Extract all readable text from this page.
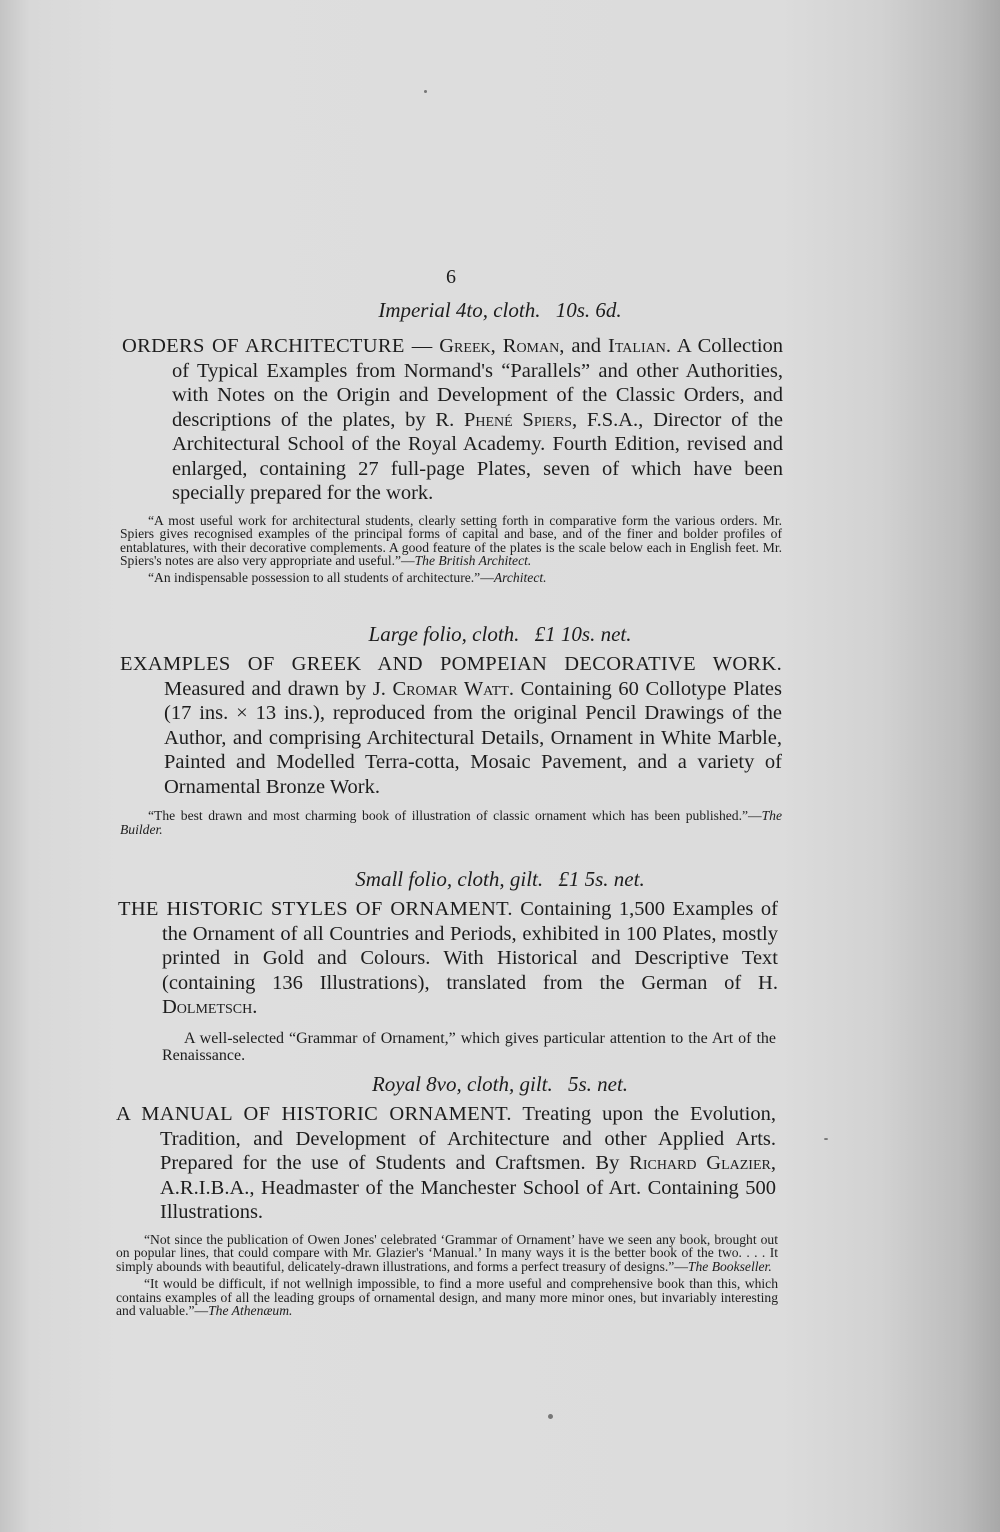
6

Imperial 4to, cloth. 10s. 6d.

ORDERS OF ARCHITECTURE — Greek, Roman, and Italian. A Collection of Typical Examples from Normand's “Parallels” and other Authorities, with Notes on the Origin and Development of the Classic Orders, and descriptions of the plates, by R. Phené Spiers, F.S.A., Director of the Architectural School of the Royal Academy. Fourth Edition, revised and enlarged, containing 27 full-page Plates, seven of which have been specially prepared for the work.

“A most useful work for architectural students, clearly setting forth in comparative form the various orders. Mr. Spiers gives recognised examples of the principal forms of capital and base, and of the finer and bolder profiles of entablatures, with their decorative complements. A good feature of the plates is the scale below each in English feet. Mr. Spiers's notes are also very appropriate and useful.”—The British Architect.

“An indispensable possession to all students of architecture.”—Architect.

Large folio, cloth. £1 10s. net.

EXAMPLES OF GREEK AND POMPEIAN DECORATIVE WORK. Measured and drawn by J. Cromar Watt. Containing 60 Collotype Plates (17 ins. × 13 ins.), reproduced from the original Pencil Drawings of the Author, and comprising Architectural Details, Ornament in White Marble, Painted and Modelled Terra-cotta, Mosaic Pavement, and a variety of Ornamental Bronze Work.

“The best drawn and most charming book of illustration of classic ornament which has been published.”—The Builder.

Small folio, cloth, gilt. £1 5s. net.

THE HISTORIC STYLES OF ORNAMENT. Containing 1,500 Examples of the Ornament of all Countries and Periods, exhibited in 100 Plates, mostly printed in Gold and Colours. With Historical and Descriptive Text (containing 136 Illustrations), translated from the German of H. Dolmetsch.

A well-selected “Grammar of Ornament,” which gives particular attention to the Art of the Renaissance.

Royal 8vo, cloth, gilt. 5s. net.

A MANUAL OF HISTORIC ORNAMENT. Treating upon the Evolution, Tradition, and Development of Architecture and other Applied Arts. Prepared for the use of Students and Craftsmen. By Richard Glazier, A.R.I.B.A., Headmaster of the Manchester School of Art. Containing 500 Illustrations.

“Not since the publication of Owen Jones' celebrated ‘Grammar of Ornament’ have we seen any book, brought out on popular lines, that could compare with Mr. Glazier's ‘Manual.’ In many ways it is the better book of the two. . . . It simply abounds with beautiful, delicately-drawn illustrations, and forms a perfect treasury of designs.”—The Bookseller.

“It would be difficult, if not wellnigh impossible, to find a more useful and comprehensive book than this, which contains examples of all the leading groups of ornamental design, and many more minor ones, but invariably interesting and valuable.”—The Athenæum.
